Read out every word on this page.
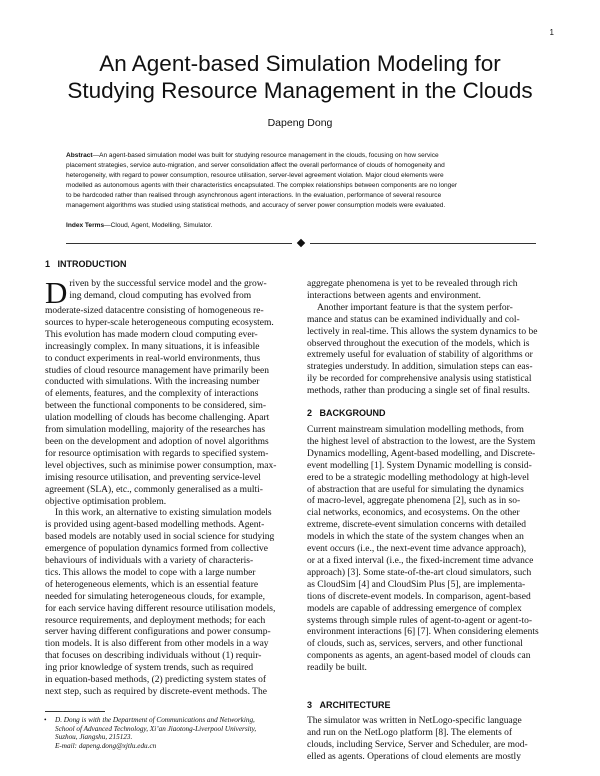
1
An Agent-based Simulation Modeling for
Studying Resource Management in the Clouds
Dapeng Dong
Abstract—An agent-based simulation model was built for studying resource management in the clouds, focusing on how service
placement strategies, service auto-migration, and server consolidation affect the overall performance of clouds of homogeneity and
heterogeneity, with regard to power consumption, resource utilisation, server-level agreement violation. Major cloud elements were
modelled as autonomous agents with their characteristics encapsulated. The complex relationships between components are no longer
to be hardcoded rather than realised through asynchronous agent interactions. In the evaluation, performance of several resource
management algorithms was studied using statistical methods, and accuracy of server power consumption models were evaluated.
Index Terms—Cloud, Agent, Modelling, Simulator.
1 INTRODUCTION
D riven by the successful service model and the grow-
ing demand, cloud computing has evolved from
moderate-sized datacentre consisting of homogeneous re-
sources to hyper-scale heterogeneous computing ecosystem.
This evolution has made modern cloud computing ever-
increasingly complex. In many situations, it is infeasible
to conduct experiments in real-world environments, thus
studies of cloud resource management have primarily been
conducted with simulations. With the increasing number
of elements, features, and the complexity of interactions
between the functional components to be considered, sim-
ulation modelling of clouds has become challenging. Apart
from simulation modelling, majority of the researches has
been on the development and adoption of novel algorithms
for resource optimisation with regards to specified system-
level objectives, such as minimise power consumption, max-
imising resource utilisation, and preventing service-level
agreement (SLA), etc., commonly generalised as a multi-
objective optimisation problem.
In this work, an alternative to existing simulation models
is provided using agent-based modelling methods. Agent-
based models are notably used in social science for studying
emergence of population dynamics formed from collective
behaviours of individuals with a variety of characteris-
tics. This allows the model to cope with a large number
of heterogeneous elements, which is an essential feature
needed for simulating heterogeneous clouds, for example,
for each service having different resource utilisation models,
resource requirements, and deployment methods; for each
server having different configurations and power consump-
tion models. It is also different from other models in a way
that focuses on describing individuals without (1) requir-
ing prior knowledge of system trends, such as required
in equation-based methods, (2) predicting system states of
next step, such as required by discrete-event methods. The
• D. Dong is with the Department of Communications and Networking,
School of Advanced Technology, Xi’an Jiaotong-Liverpool University,
Suzhou, Jiangshu, 215123.
E-mail: dapeng.dong@xjtlu.edu.cn
aggregate phenomena is yet to be revealed through rich
interactions between agents and environment.
Another important feature is that the system perfor-
mance and status can be examined individually and col-
lectively in real-time. This allows the system dynamics to be
observed throughout the execution of the models, which is
extremely useful for evaluation of stability of algorithms or
strategies understudy. In addition, simulation steps can eas-
ily be recorded for comprehensive analysis using statistical
methods, rather than producing a single set of final results.
2 BACKGROUND
Current mainstream simulation modelling methods, from
the highest level of abstraction to the lowest, are the System
Dynamics modelling, Agent-based modelling, and Discrete-
event modelling [1]. System Dynamic modelling is consid-
ered to be a strategic modelling methodology at high-level
of abstraction that are useful for simulating the dynamics
of macro-level, aggregate phenomena [2], such as in so-
cial networks, economics, and ecosystems. On the other
extreme, discrete-event simulation concerns with detailed
models in which the state of the system changes when an
event occurs (i.e., the next-event time advance approach),
or at a fixed interval (i.e., the fixed-increment time advance
approach) [3]. Some state-of-the-art cloud simulators, such
as CloudSim [4] and CloudSim Plus [5], are implementa-
tions of discrete-event models. In comparison, agent-based
models are capable of addressing emergence of complex
systems through simple rules of agent-to-agent or agent-to-
environment interactions [6] [7]. When considering elements
of clouds, such as, services, servers, and other functional
components as agents, an agent-based model of clouds can
readily be built.
3 ARCHITECTURE
The simulator was written in NetLogo-specific language
and run on the NetLogo platform [8]. The elements of
clouds, including Service, Server and Scheduler, are mod-
elled as agents. Operations of cloud elements are mostly
